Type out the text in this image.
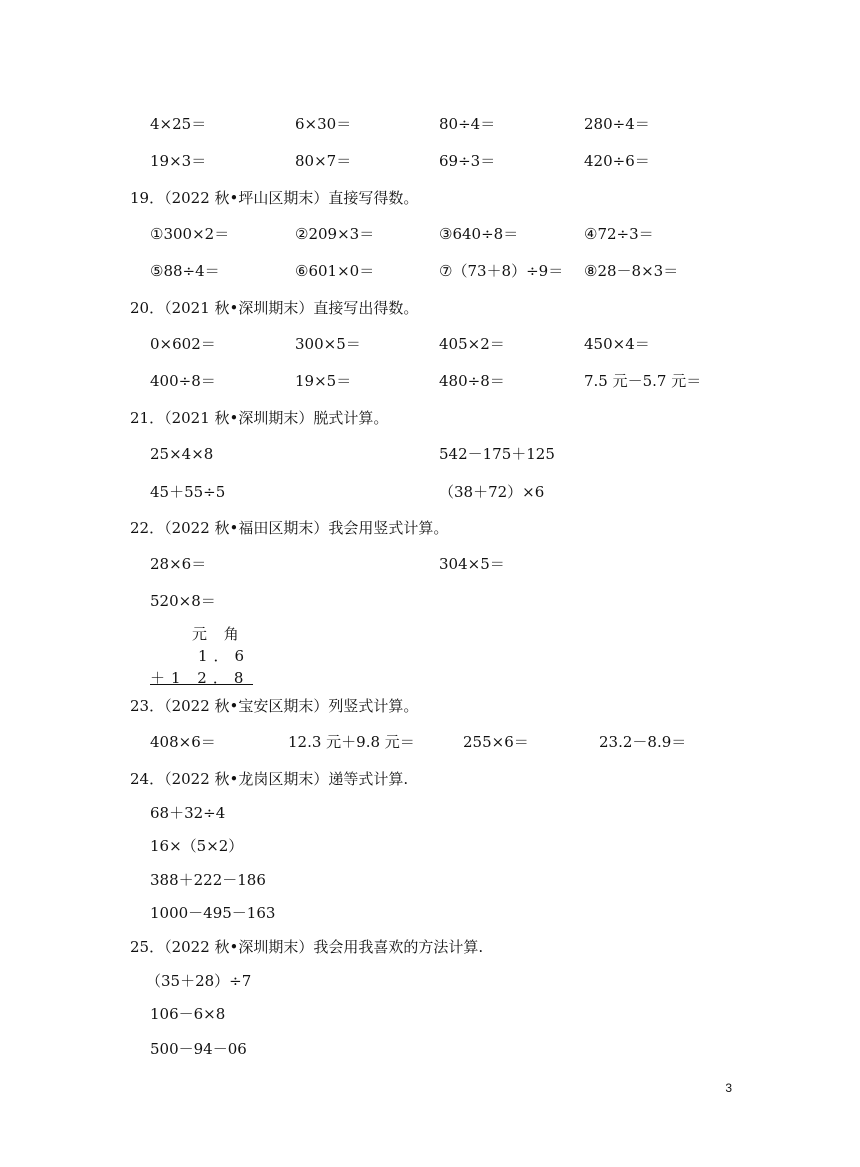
4×25＝	6×30＝	80÷4＝	280÷4＝
19×3＝	80×7＝	69÷3＝	420÷6＝
19．（2022 秋•坪山区期末）直接写得数。
①300×2＝	②209×3＝	③640÷8＝	④72÷3＝
⑤88÷4＝	⑥601×0＝	⑦（73＋8）÷9＝ ⑧28－8×3＝
20．（2021 秋•深圳期末）直接写出得数。
0×602＝	300×5＝	405×2＝	450×4＝
400÷8＝	19×5＝	480÷8＝	7.5 元－5.7 元＝
21．（2021 秋•深圳期末）脱式计算。
25×4×8	542－175＋125
45＋55÷5	（38＋72）×6
22．（2022 秋•福田区期末）我会用竖式计算。
28×6＝	304×5＝
520×8＝
元 角
1．6
＋1 2．8
23．（2022 秋•宝安区期末）列竖式计算。
408×6＝	12.3 元＋9.8 元＝	255×6＝	23.2－8.9＝
24．（2022 秋•龙岗区期末）递等式计算.
68＋32÷4
16×（5×2）
388＋222－186
1000－495－163
25．（2022 秋•深圳期末）我会用我喜欢的方法计算.
（35＋28）÷7
106－6×8
500－94－06
3
